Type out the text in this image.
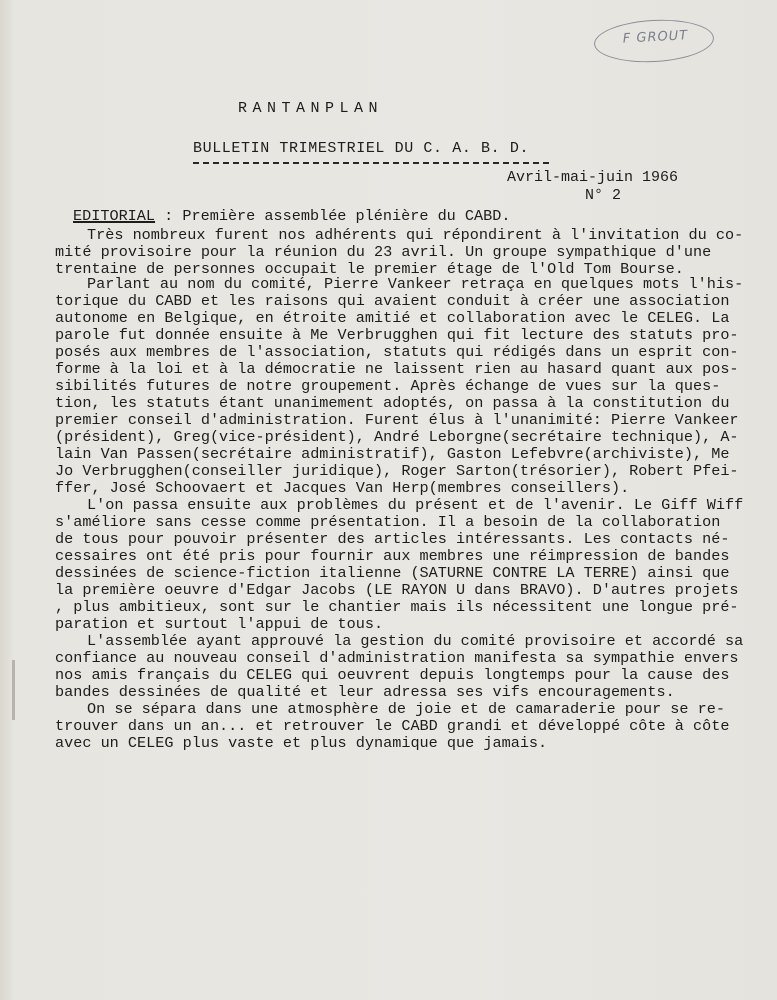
F GROUT
RANTANPLAN
BULLETIN TRIMESTRIEL DU C. A. B. D.
Avril-mai-juin 1966
N° 2
EDITORIAL : Première assemblée plénière du CABD.
Très nombreux furent nos adhérents qui répondirent à l'invitation du co-
mité provisoire pour la réunion du 23 avril. Un groupe sympathique d'une
trentaine de personnes occupait le premier étage de l'Old Tom Bourse.
Parlant au nom du comité, Pierre Vankeer retraça en quelques mots l'his-
torique du CABD et les raisons qui avaient conduit à créer une association
autonome en Belgique, en étroite amitié et collaboration avec le CELEG. La
parole fut donnée ensuite à Me Verbrugghen qui fit lecture des statuts pro-
posés aux membres de l'association, statuts qui rédigés dans un esprit con-
forme à la loi et à la démocratie ne laissent rien au hasard quant aux pos-
sibilités futures de notre groupement. Après échange de vues sur la ques-
tion, les statuts étant unanimement adoptés, on passa à la constitution du
premier conseil d'administration. Furent élus à l'unanimité: Pierre Vankeer
(président), Greg(vice-président), André Leborgne(secrétaire technique), A-
lain Van Passen(secrétaire administratif), Gaston Lefebvre(archiviste), Me
Jo Verbrugghen(conseiller juridique), Roger Sarton(trésorier), Robert Pfei-
ffer, José Schoovaert et Jacques Van Herp(membres conseillers).
L'on passa ensuite aux problèmes du présent et de l'avenir. Le Giff Wiff
s'améliore sans cesse comme présentation. Il a besoin de la collaboration
de tous pour pouvoir présenter des articles intéressants. Les contacts né-
cessaires ont été pris pour fournir aux membres une réimpression de bandes
dessinées de science-fiction italienne (SATURNE CONTRE LA TERRE) ainsi que
la première oeuvre d'Edgar Jacobs (LE RAYON U dans BRAVO). D'autres projets
, plus ambitieux, sont sur le chantier mais ils nécessitent une longue pré-
paration et surtout l'appui de tous.
L'assemblée ayant approuvé la gestion du comité provisoire et accordé sa
confiance au nouveau conseil d'administration manifesta sa sympathie envers
nos amis français du CELEG qui oeuvrent depuis longtemps pour la cause des
bandes dessinées de qualité et leur adressa ses vifs encouragements.
On se sépara dans une atmosphère de joie et de camaraderie pour se re-
trouver dans un an... et retrouver le CABD grandi et développé côte à côte
avec un CELEG plus vaste et plus dynamique que jamais.
